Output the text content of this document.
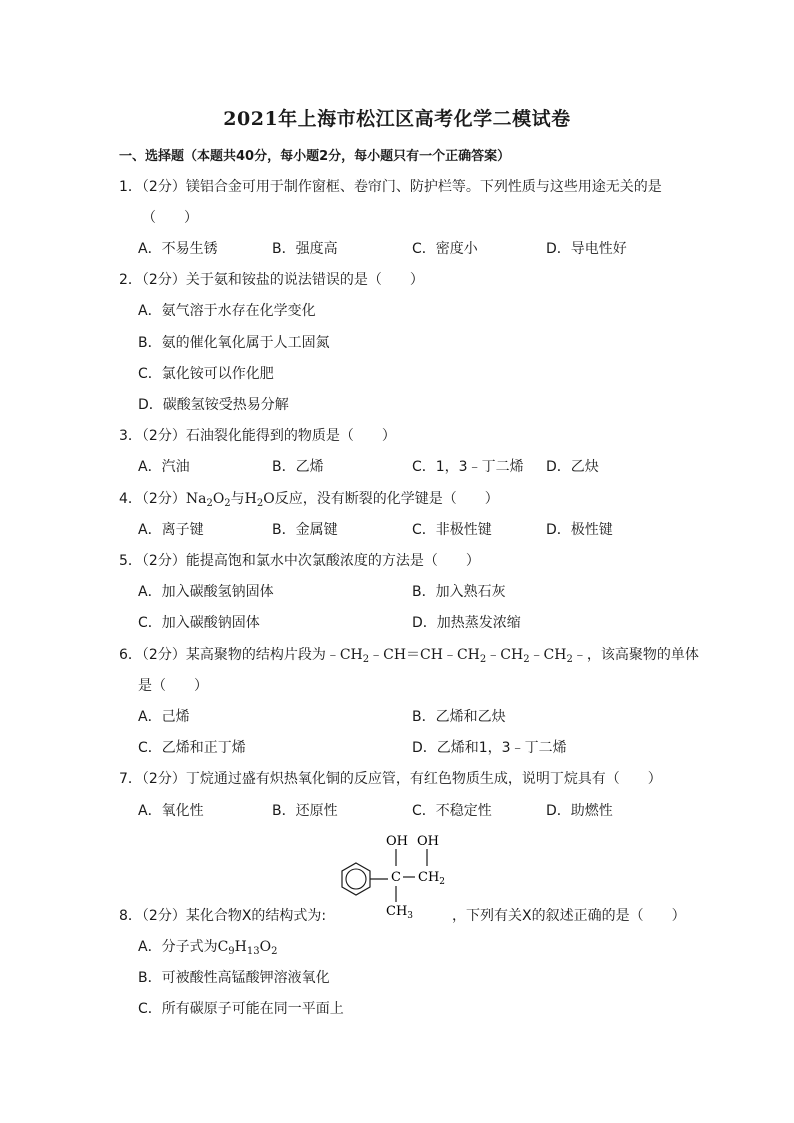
2021年上海市松江区高考化学二模试卷
一、选择题（本题共40分，每小题2分，每小题只有一个正确答案）
1．（2分）镁铝合金可用于制作窗框、卷帘门、防护栏等。下列性质与这些用途无关的是
（　　）
A．不易生锈	B．强度高	C．密度小	D．导电性好
2．（2分）关于氨和铵盐的说法错误的是（　　）
A．氨气溶于水存在化学变化
B．氨的催化氧化属于人工固氮
C．氯化铵可以作化肥
D．碳酸氢铵受热易分解
3．（2分）石油裂化能得到的物质是（　　）
A．汽油	B．乙烯	C．1，3﹣丁二烯 D．乙炔
4．（2分）$Na_2O_2$与$H_2O$反应，没有断裂的化学键是（　　）
A．离子键	B．金属键	C．非极性键	D．极性键
5．（2分）能提高饱和氯水中次氯酸浓度的方法是（　　）
A．加入碳酸氢钠固体	B．加入熟石灰
C．加入碳酸钠固体	D．加热蒸发浓缩
6．（2分）某高聚物的结构片段为$﹣CH_2﹣CH=CH﹣CH_2﹣CH_2﹣CH_2﹣$，该高聚物的单体
是（　　）
A．己烯	B．乙烯和乙炔
C．乙烯和正丁烯	D．乙烯和1，3﹣丁二烯
7．（2分）丁烷通过盛有炽热氧化铜的反应管，有红色物质生成，说明丁烷具有（　　）
A．氧化性	B．还原性	C．不稳定性	D．助燃性
OH OH
C $CH_2$
$CH_3$
8．（2分）某化合物X的结构式为:	，下列有关X的叙述正确的是（　　）
A．分子式为$C_9H_{13}O_2$
B．可被酸性高锰酸钾溶液氧化
C．所有碳原子可能在同一平面上
